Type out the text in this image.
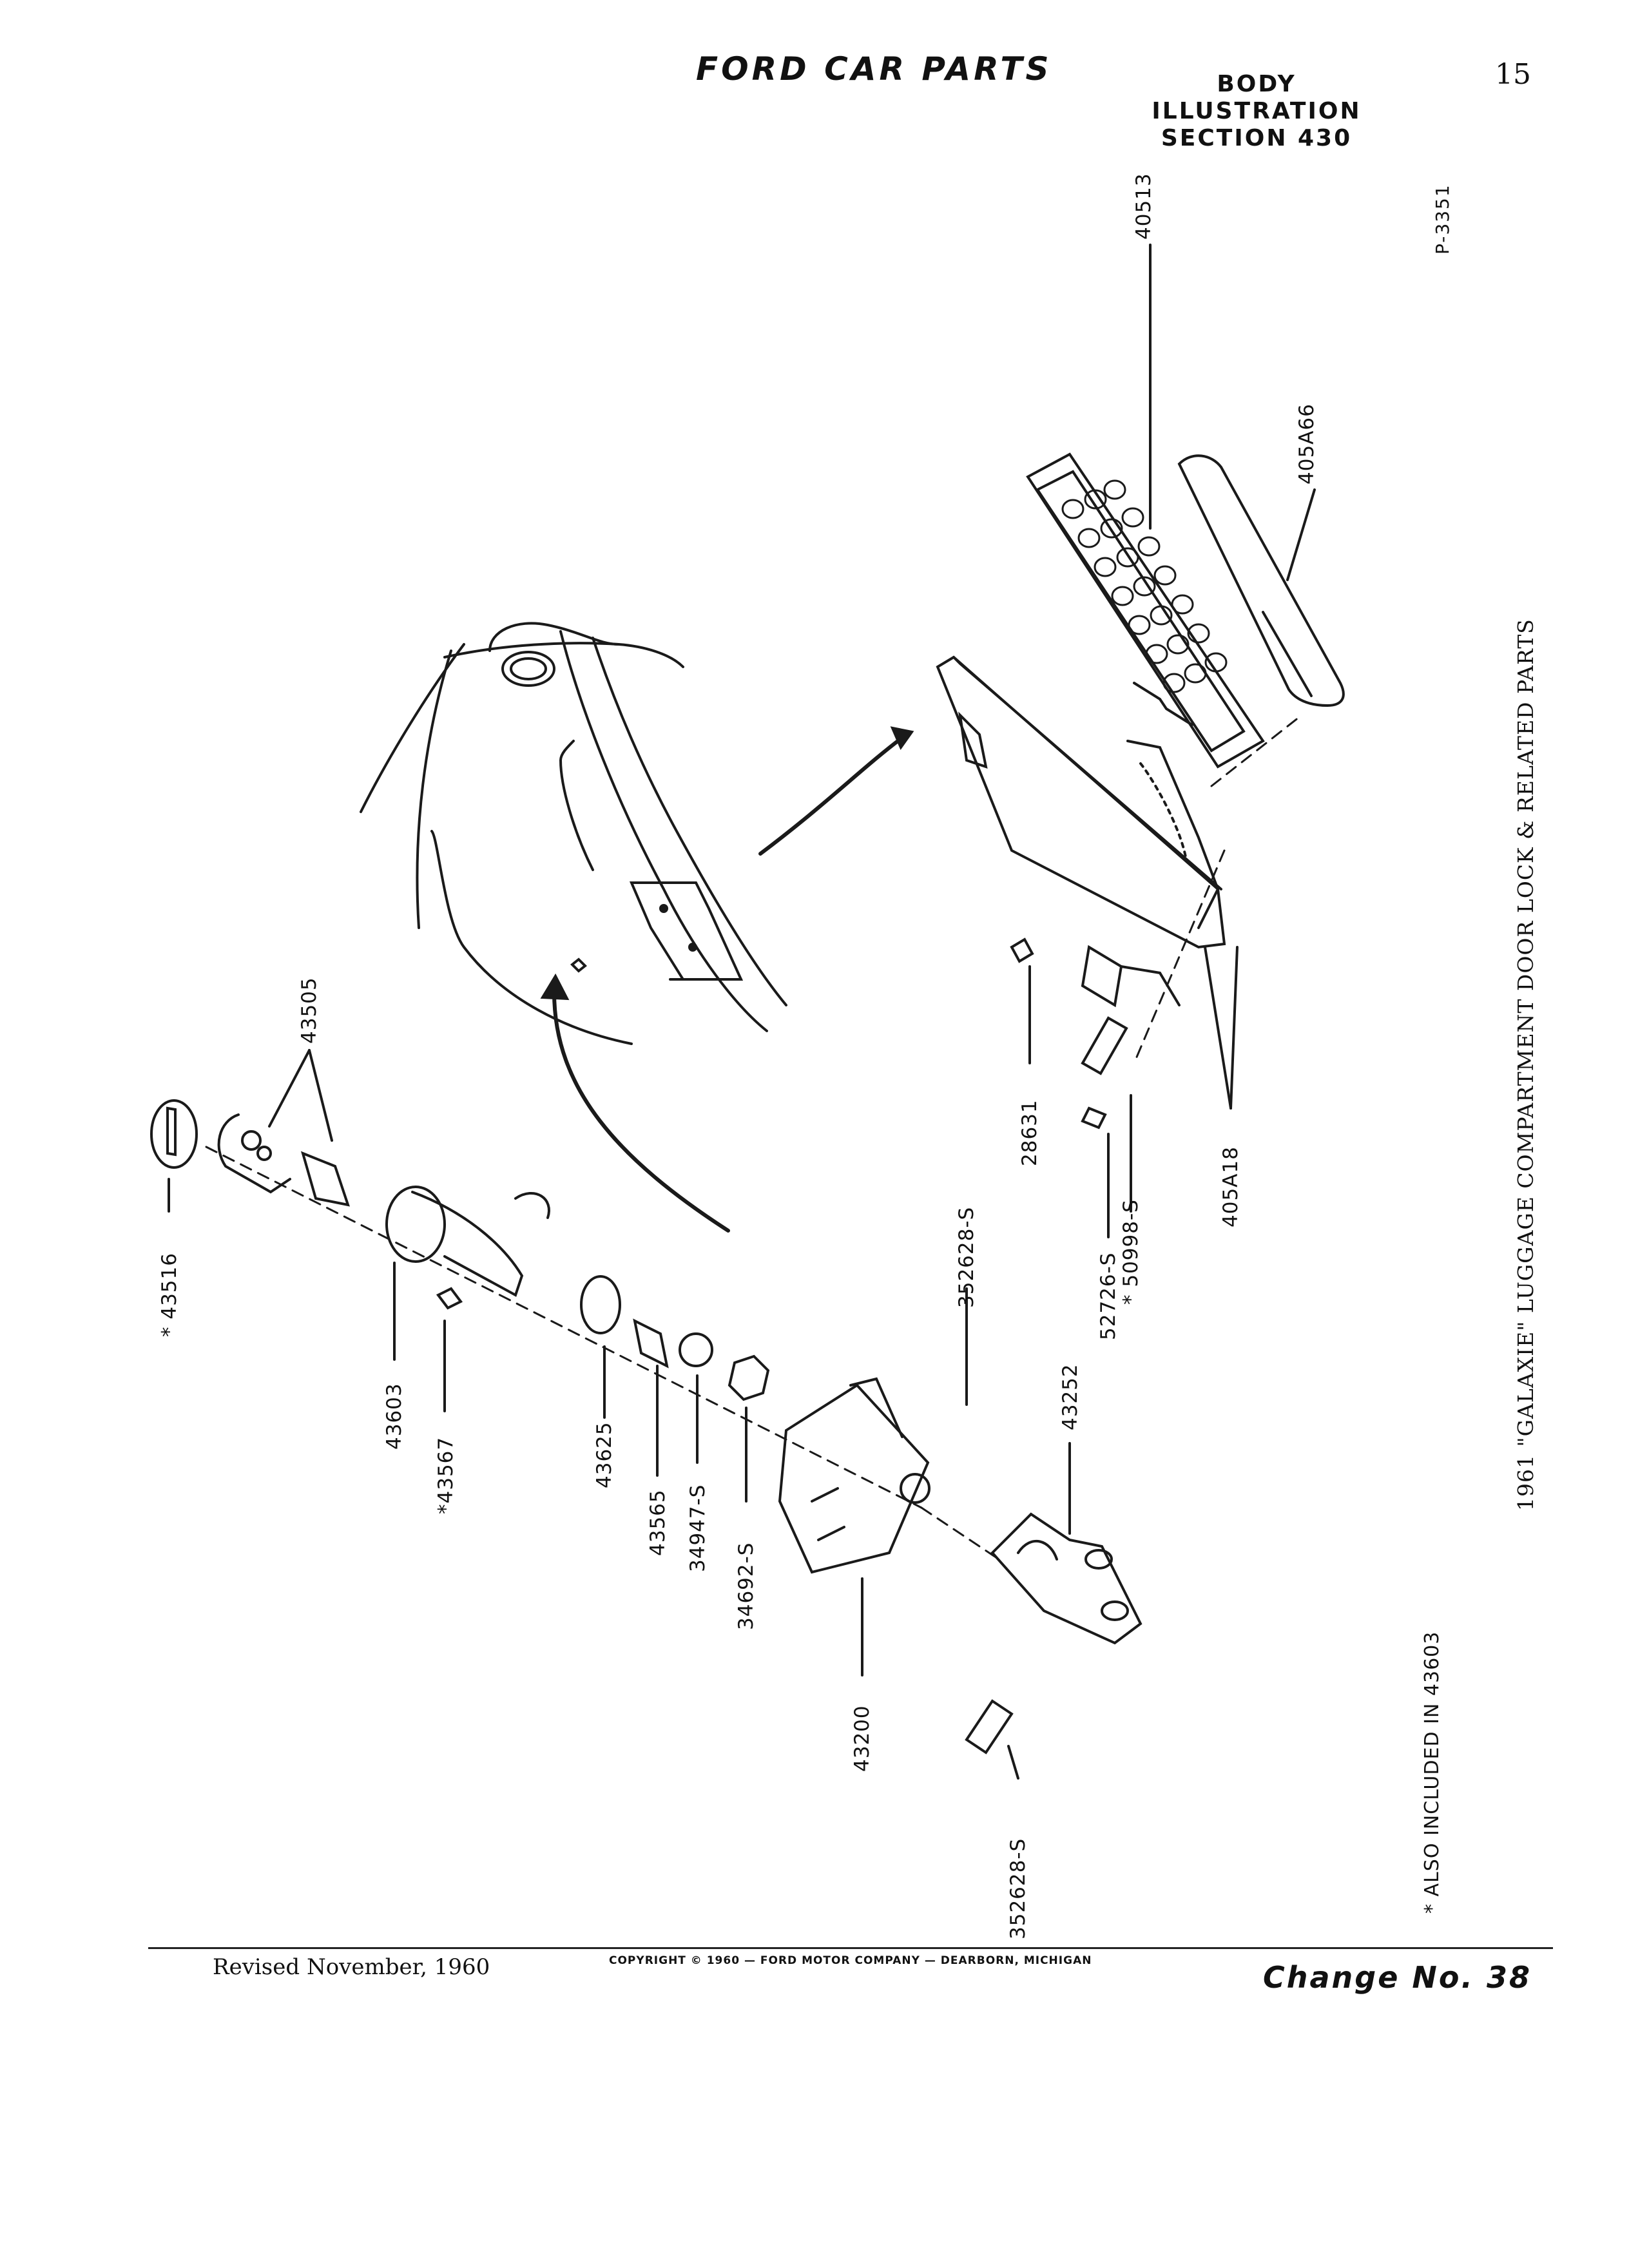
FORD CAR PARTS	BODY ILLUSTRATION
SECTION 430
15
40513
405A66
43505
* 43516
43603
*43567	43625
43565 34947-S
34692-S
352628-S
43252
43200
352628-S
28631
52726-S * 50998-S
405A18
P-3351
1961 "GALAXIE" LUGGAGE COMPARTMENT DOOR LOCK & RELATED PARTS
* ALSO INCLUDED IN 43603
Revised November, 1960	COPYRIGHT © 1960 — FORD MOTOR COMPANY — DEARBORN, MICHIGAN	Change No. 38
